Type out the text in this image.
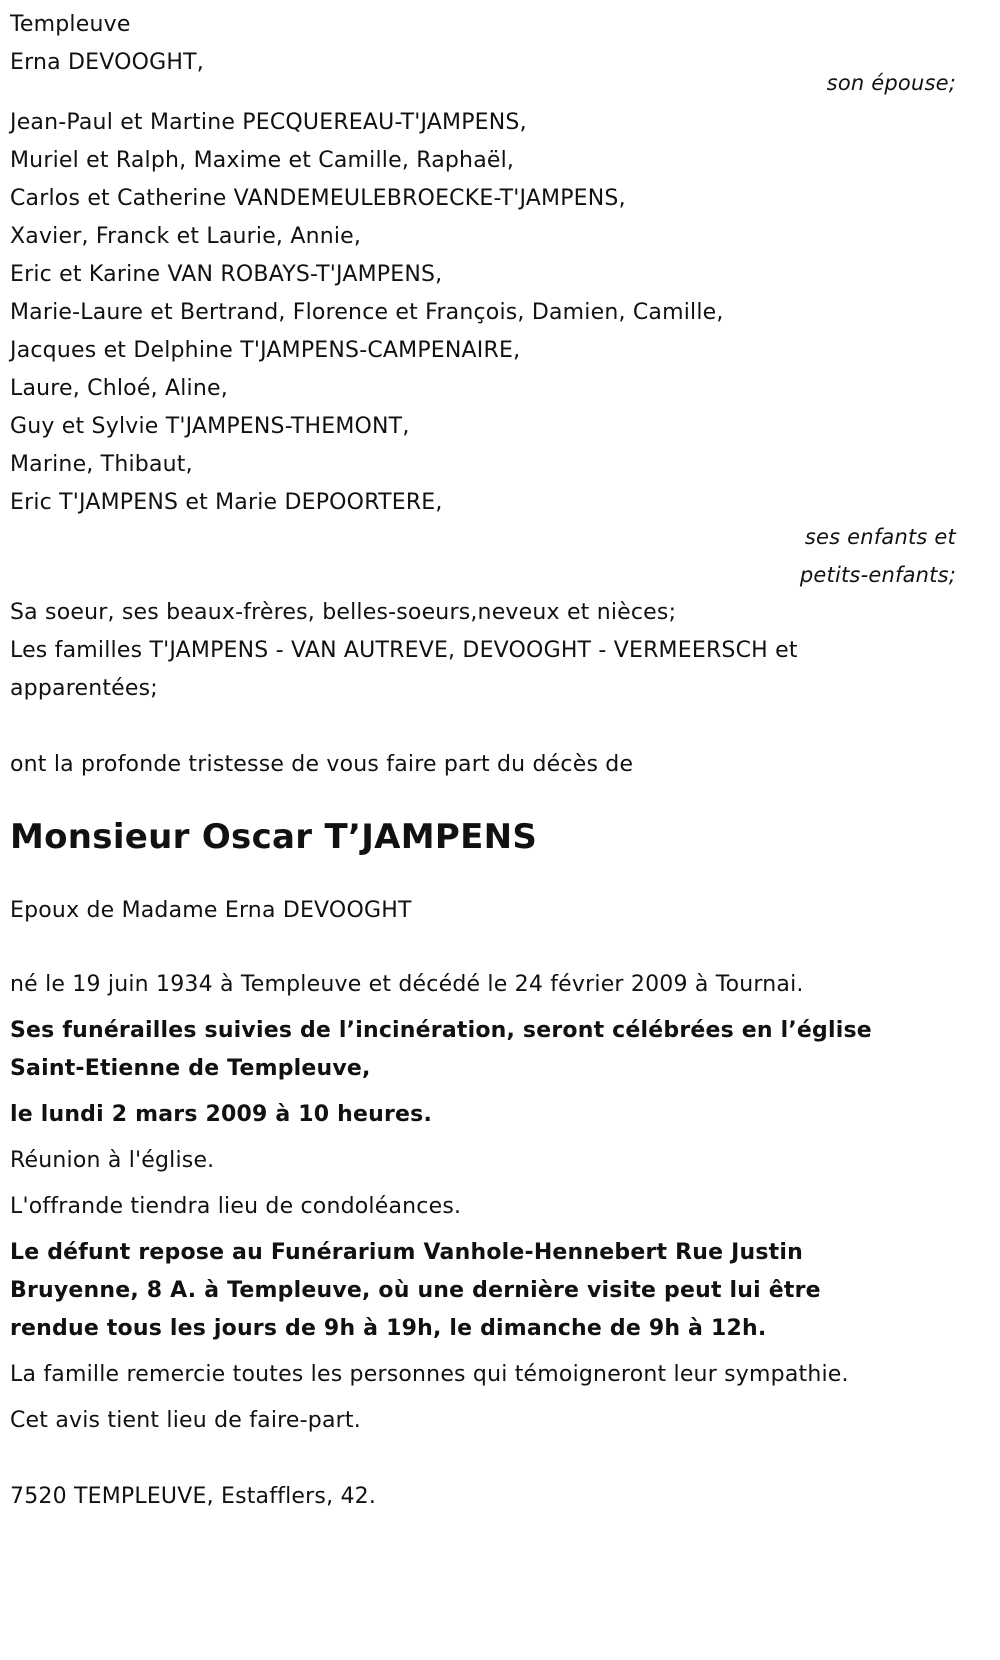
Templeuve
Erna DEVOOGHT,
son épouse;
Jean-Paul et Martine PECQUEREAU-T'JAMPENS,
Muriel et Ralph, Maxime et Camille, Raphaël,
Carlos et Catherine VANDEMEULEBROECKE-T'JAMPENS,
Xavier, Franck et Laurie, Annie,
Eric et Karine VAN ROBAYS-T'JAMPENS,
Marie-Laure et Bertrand, Florence et François, Damien, Camille,
Jacques et Delphine T'JAMPENS-CAMPENAIRE,
Laure, Chloé, Aline,
Guy et Sylvie T'JAMPENS-THEMONT,
Marine, Thibaut,
Eric T'JAMPENS et Marie DEPOORTERE,
ses enfants et
petits-enfants;
Sa soeur, ses beaux-frères, belles-soeurs,neveux et nièces;
Les familles T'JAMPENS - VAN AUTREVE, DEVOOGHT - VERMEERSCH et apparentées;
ont la profonde tristesse de vous faire part du décès de
Monsieur Oscar T’JAMPENS
Epoux de Madame Erna DEVOOGHT
né le 19 juin 1934 à Templeuve et décédé le 24 février 2009 à Tournai.
Ses funérailles suivies de l’incinération, seront célébrées en l’église Saint-Etienne de Templeuve,
le lundi 2 mars 2009 à 10 heures.
Réunion à l'église.
L'offrande tiendra lieu de condoléances.
Le défunt repose au Funérarium Vanhole-Hennebert Rue Justin Bruyenne, 8 A. à Templeuve, où une dernière visite peut lui être rendue tous les jours de 9h à 19h, le dimanche de 9h à 12h.
La famille remercie toutes les personnes qui témoigneront leur sympathie.
Cet avis tient lieu de faire-part.
7520 TEMPLEUVE, Estafflers, 42.
